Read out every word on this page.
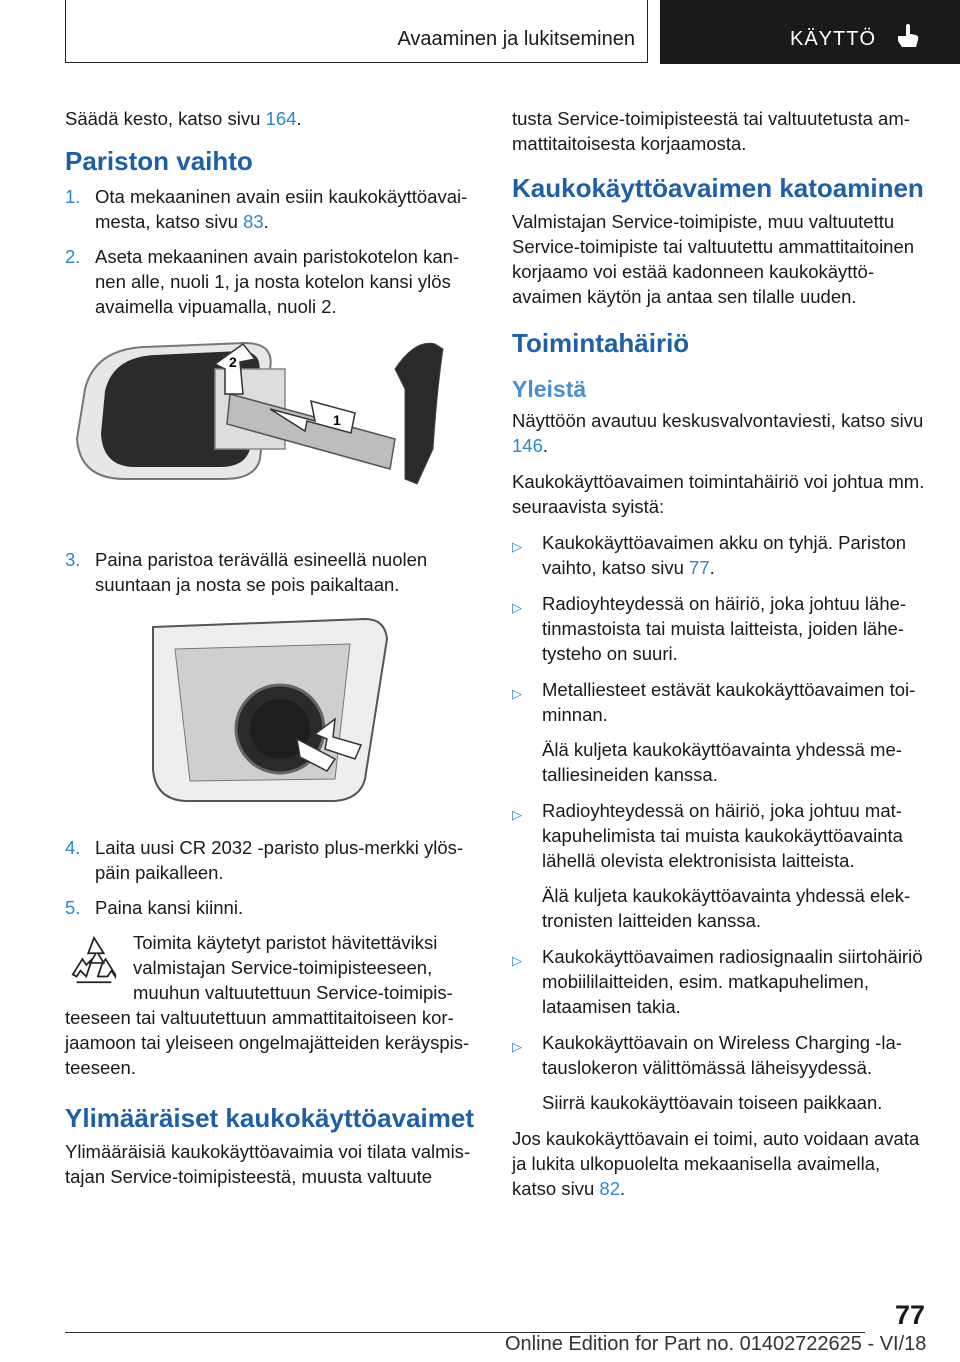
Avaaminen ja lukitseminen	KÄYTTÖ

Säädä kesto, katso sivu 164.

Pariston vaihto
1. Ota mekaaninen avain esiin kaukokäyttöavaimesta, katso sivu 83.
2. Aseta mekaaninen avain paristokotelon kannen alle, nuoli 1, ja nosta kotelon kansi ylös avaimella vipuamalla, nuoli 2.
1
2
3. Paina paristoa terävällä esineellä nuolen suuntaan ja nosta se pois paikaltaan.
4. Laita uusi CR 2032 -paristo plus-merkki ylöspäin paikalleen.
5. Paina kansi kiinni.
Toimita käytetyt paristot hävitettäviksi valmistajan Service-toimipisteeseen, muuhun valtuutettuun Service-toimipisteeseen tai valtuutettuun ammattitaitoiseen korjaamoon tai yleiseen ongelmajätteiden keräyspisteeseen.
Ylimääräiset kaukokäyttöavaimet

Ylimääräisiä kaukokäyttöavaimia voi tilata valmistajan Service-toimipisteestä, muusta valtuute

tusta Service-toimipisteestä tai valtuutetusta ammattitaitoisesta korjaamosta.

Kaukokäyttöavaimen katoaminen

Valmistajan Service-toimipiste, muu valtuutettu Service-toimipiste tai valtuutettu ammattitaitoinen korjaamo voi estää kadonneen kaukokäyttöavaimen käytön ja antaa sen tilalle uuden.

Toimintahäiriö
Yleistä

Näyttöön avautuu keskusvalvontaviesti, katso sivu 146.

Kaukokäyttöavaimen toimintahäiriö voi johtua mm. seuraavista syistä:

▷ Kaukokäyttöavaimen akku on tyhjä. Pariston vaihto, katso sivu 77.
▷ Radioyhteydessä on häiriö, joka johtuu lähetinmastoista tai muista laitteista, joiden lähetysteho on suuri.
▷ Metalliesteet estävät kaukokäyttöavaimen toiminnan.
Älä kuljeta kaukokäyttöavainta yhdessä metalliesineiden kanssa.
▷ Radioyhteydessä on häiriö, joka johtuu matkapuhelimista tai muista kaukokäyttöavainta lähellä olevista elektronisista laitteista.
Älä kuljeta kaukokäyttöavainta yhdessä elektronisten laitteiden kanssa.
▷ Kaukokäyttöavaimen radiosignaalin siirtohäiriö mobiililaitteiden, esim. matkapuhelimen, lataamisen takia.
▷ Kaukokäyttöavain on Wireless Charging -latauslokeron välittömässä läheisyydessä.
Siirrä kaukokäyttöavain toiseen paikkaan.

Jos kaukokäyttöavain ei toimi, auto voidaan avata ja lukita ulkopuolelta mekaanisella avaimella, katso sivu 82.

77
Online Edition for Part no. 01402722625 - VI/18
